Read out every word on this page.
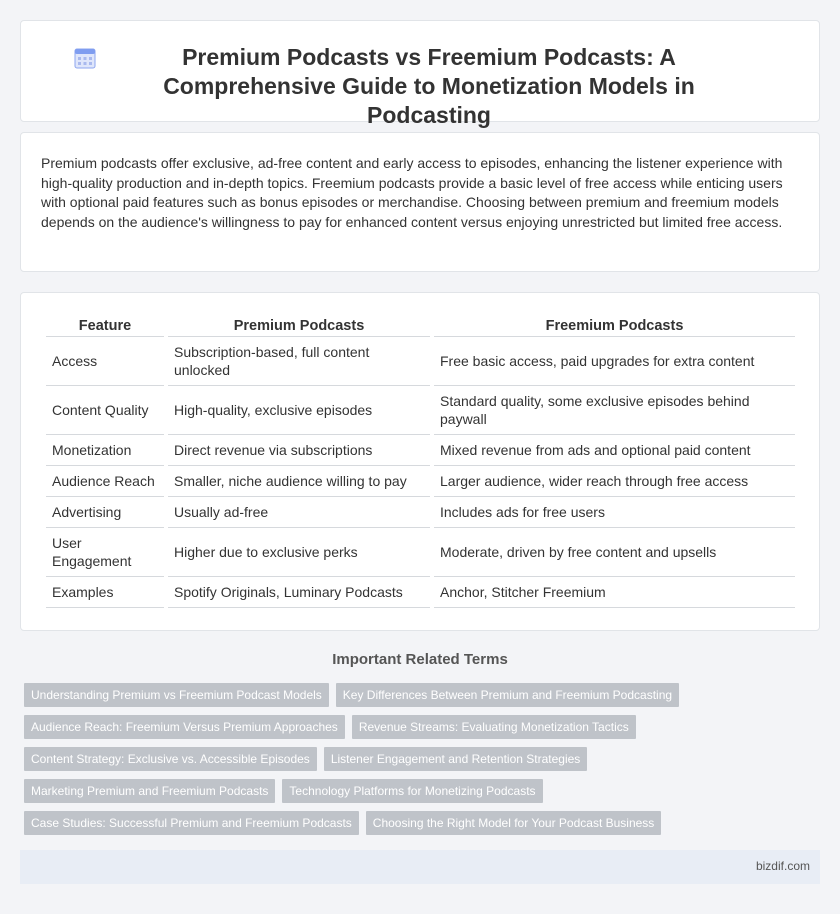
Premium Podcasts vs Freemium Podcasts: A Comprehensive Guide to Monetization Models in Podcasting

Premium podcasts offer exclusive, ad-free content and early access to episodes, enhancing the listener experience with high-quality production and in-depth topics. Freemium podcasts provide a basic level of free access while enticing users with optional paid features such as bonus episodes or merchandise. Choosing between premium and freemium models depends on the audience's willingness to pay for enhanced content versus enjoying unrestricted but limited free access.

Feature	Premium Podcasts	Freemium Podcasts
Access	Subscription-based, full content unlocked	Free basic access, paid upgrades for extra content
Content Quality	High-quality, exclusive episodes	Standard quality, some exclusive episodes behind paywall
Monetization	Direct revenue via subscriptions	Mixed revenue from ads and optional paid content
Audience Reach	Smaller, niche audience willing to pay	Larger audience, wider reach through free access
Advertising	Usually ad-free	Includes ads for free users
User Engagement	Higher due to exclusive perks	Moderate, driven by free content and upsells
Examples	Spotify Originals, Luminary Podcasts	Anchor, Stitcher Freemium
Important Related Terms
Understanding Premium vs Freemium Podcast Models	Key Differences Between Premium and Freemium Podcasting
Audience Reach: Freemium Versus Premium Approaches	Revenue Streams: Evaluating Monetization Tactics
Content Strategy: Exclusive vs. Accessible Episodes	Listener Engagement and Retention Strategies
Marketing Premium and Freemium Podcasts	Technology Platforms for Monetizing Podcasts
Case Studies: Successful Premium and Freemium Podcasts	Choosing the Right Model for Your Podcast Business
bizdif.com
